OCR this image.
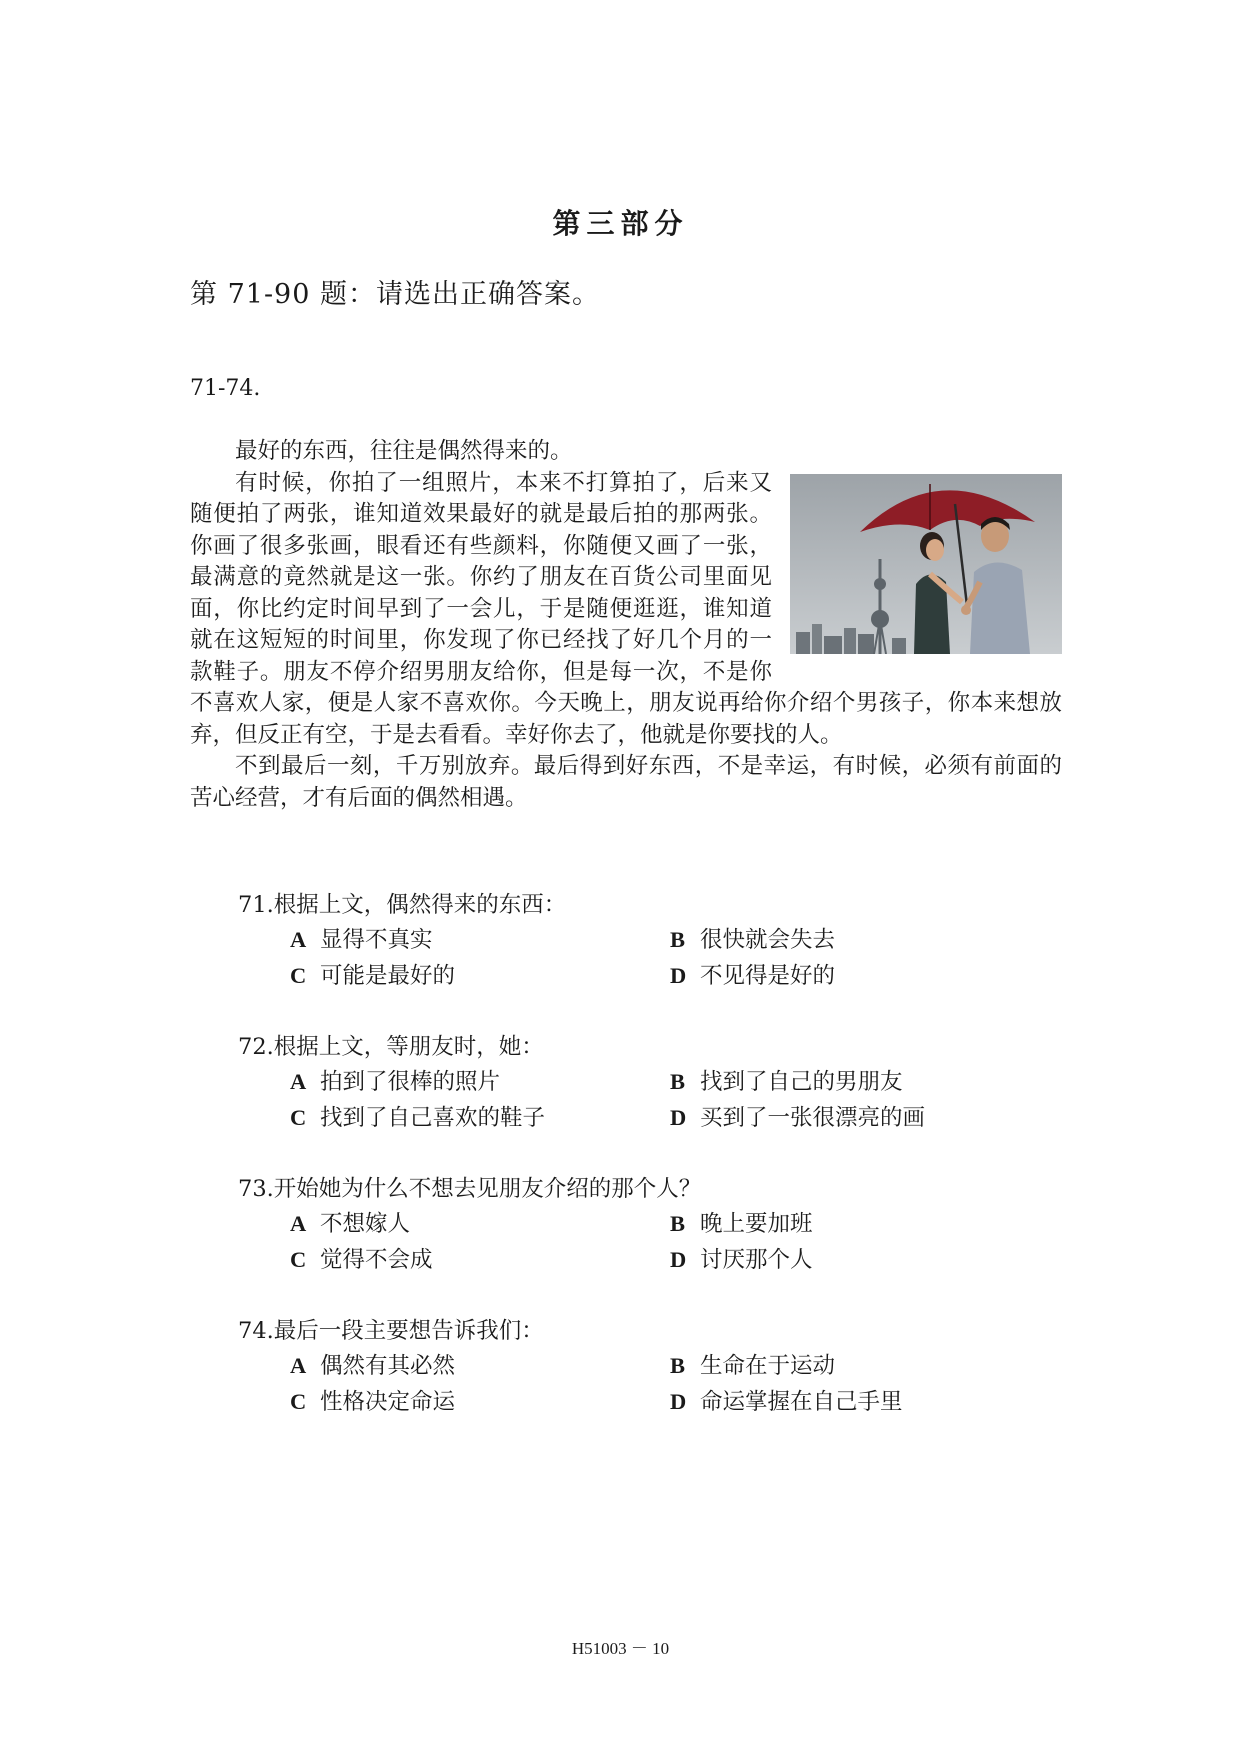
第三部分
第 71-90 题：请选出正确答案。
71-74.

最好的东西，往往是偶然得来的。

有时候，你拍了一组照片，本来不打算拍了，后来又随便拍了两张，谁知道效果最好的就是最后拍的那两张。你画了很多张画，眼看还有些颜料，你随便又画了一张，最满意的竟然就是这一张。你约了朋友在百货公司里面见面，你比约定时间早到了一会儿，于是随便逛逛，谁知道就在这短短的时间里，你发现了你已经找了好几个月的一款鞋子。朋友不停介绍男朋友给你，但是每一次，不是你不喜欢人家，便是人家不喜欢你。今天晚上，朋友说再给你介绍个男孩子，你本来想放弃，但反正有空，于是去看看。幸好你去了，他就是你要找的人。

不到最后一刻，千万别放弃。最后得到好东西，不是幸运，有时候，必须有前面的苦心经营，才有后面的偶然相遇。

71.根据上文，偶然得来的东西：
A 显得不真实	B 很快就会失去
C 可能是最好的	D 不见得是好的
72.根据上文，等朋友时，她：
A 拍到了很棒的照片	B 找到了自己的男朋友
C 找到了自己喜欢的鞋子	D 买到了一张很漂亮的画
73.开始她为什么不想去见朋友介绍的那个人？
A 不想嫁人	B 晚上要加班
C 觉得不会成	D 讨厌那个人
74.最后一段主要想告诉我们：
A 偶然有其必然	B 生命在于运动
C 性格决定命运	D 命运掌握在自己手里
H51003 － 10
